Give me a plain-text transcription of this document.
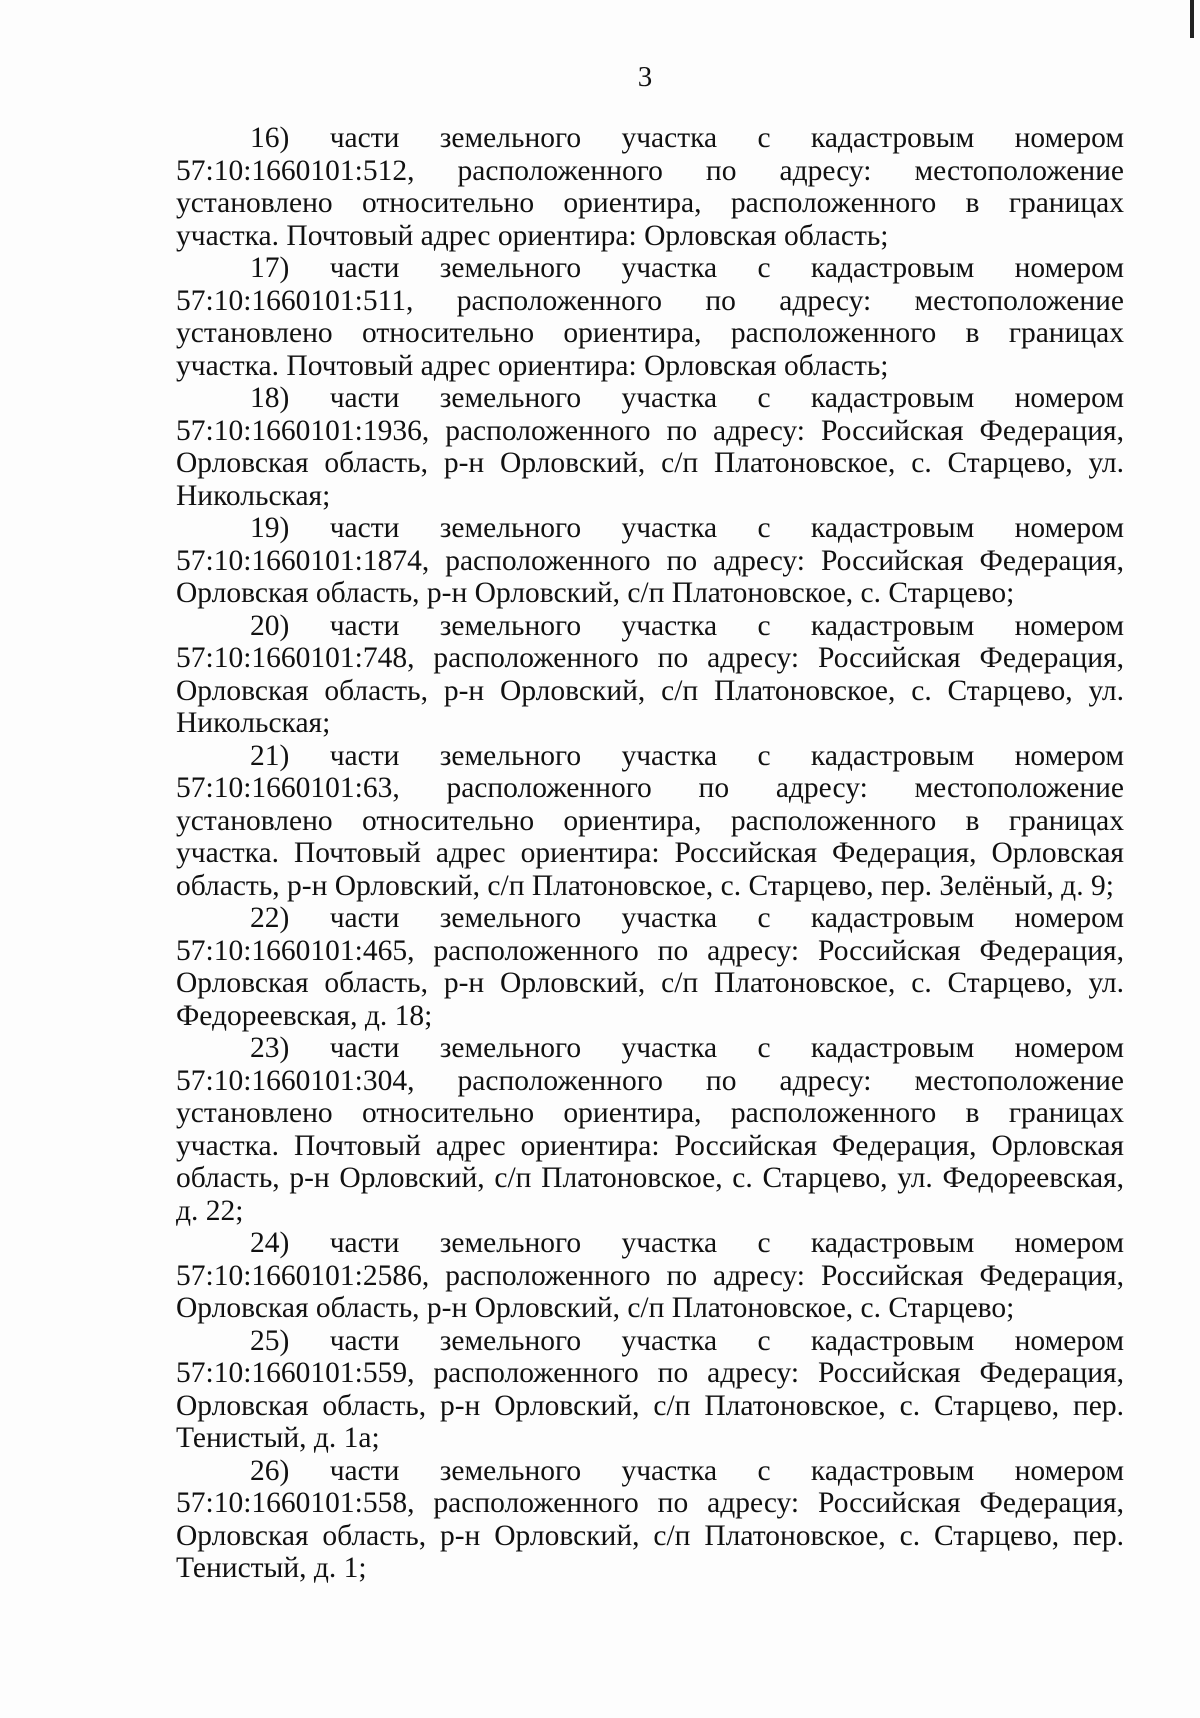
3

16) части земельного участка с кадастровым номером 57:10:1660101:512, расположенного по адресу: местоположение установлено относительно ориентира, расположенного в границах участка. Почтовый адрес ориентира: Орловская область;

17) части земельного участка с кадастровым номером 57:10:1660101:511, расположенного по адресу: местоположение установлено относительно ориентира, расположенного в границах участка. Почтовый адрес ориентира: Орловская область;

18) части земельного участка с кадастровым номером 57:10:1660101:1936, расположенного по адресу: Российская Федерация, Орловская область, р-н Орловский, с/п Платоновское, с. Старцево, ул. Никольская;

19) части земельного участка с кадастровым номером 57:10:1660101:1874, расположенного по адресу: Российская Федерация, Орловская область, р-н Орловский, с/п Платоновское, с. Старцево;

20) части земельного участка с кадастровым номером 57:10:1660101:748, расположенного по адресу: Российская Федерация, Орловская область, р-н Орловский, с/п Платоновское, с. Старцево, ул. Никольская;

21) части земельного участка с кадастровым номером 57:10:1660101:63, расположенного по адресу: местоположение установлено относительно ориентира, расположенного в границах участка. Почтовый адрес ориентира: Российская Федерация, Орловская область, р-н Орловский, с/п Платоновское, с. Старцево, пер. Зелёный, д. 9;

22) части земельного участка с кадастровым номером 57:10:1660101:465, расположенного по адресу: Российская Федерация, Орловская область, р-н Орловский, с/п Платоновское, с. Старцево, ул. Федореевская, д. 18;

23) части земельного участка с кадастровым номером 57:10:1660101:304, расположенного по адресу: местоположение установлено относительно ориентира, расположенного в границах участка. Почтовый адрес ориентира: Российская Федерация, Орловская область, р-н Орловский, с/п Платоновское, с. Старцево, ул. Федореевская, д. 22;

24) части земельного участка с кадастровым номером 57:10:1660101:2586, расположенного по адресу: Российская Федерация, Орловская область, р-н Орловский, с/п Платоновское, с. Старцево;

25) части земельного участка с кадастровым номером 57:10:1660101:559, расположенного по адресу: Российская Федерация, Орловская область, р-н Орловский, с/п Платоновское, с. Старцево, пер. Тенистый, д. 1а;

26) части земельного участка с кадастровым номером 57:10:1660101:558, расположенного по адресу: Российская Федерация, Орловская область, р-н Орловский, с/п Платоновское, с. Старцево, пер. Тенистый, д. 1;
